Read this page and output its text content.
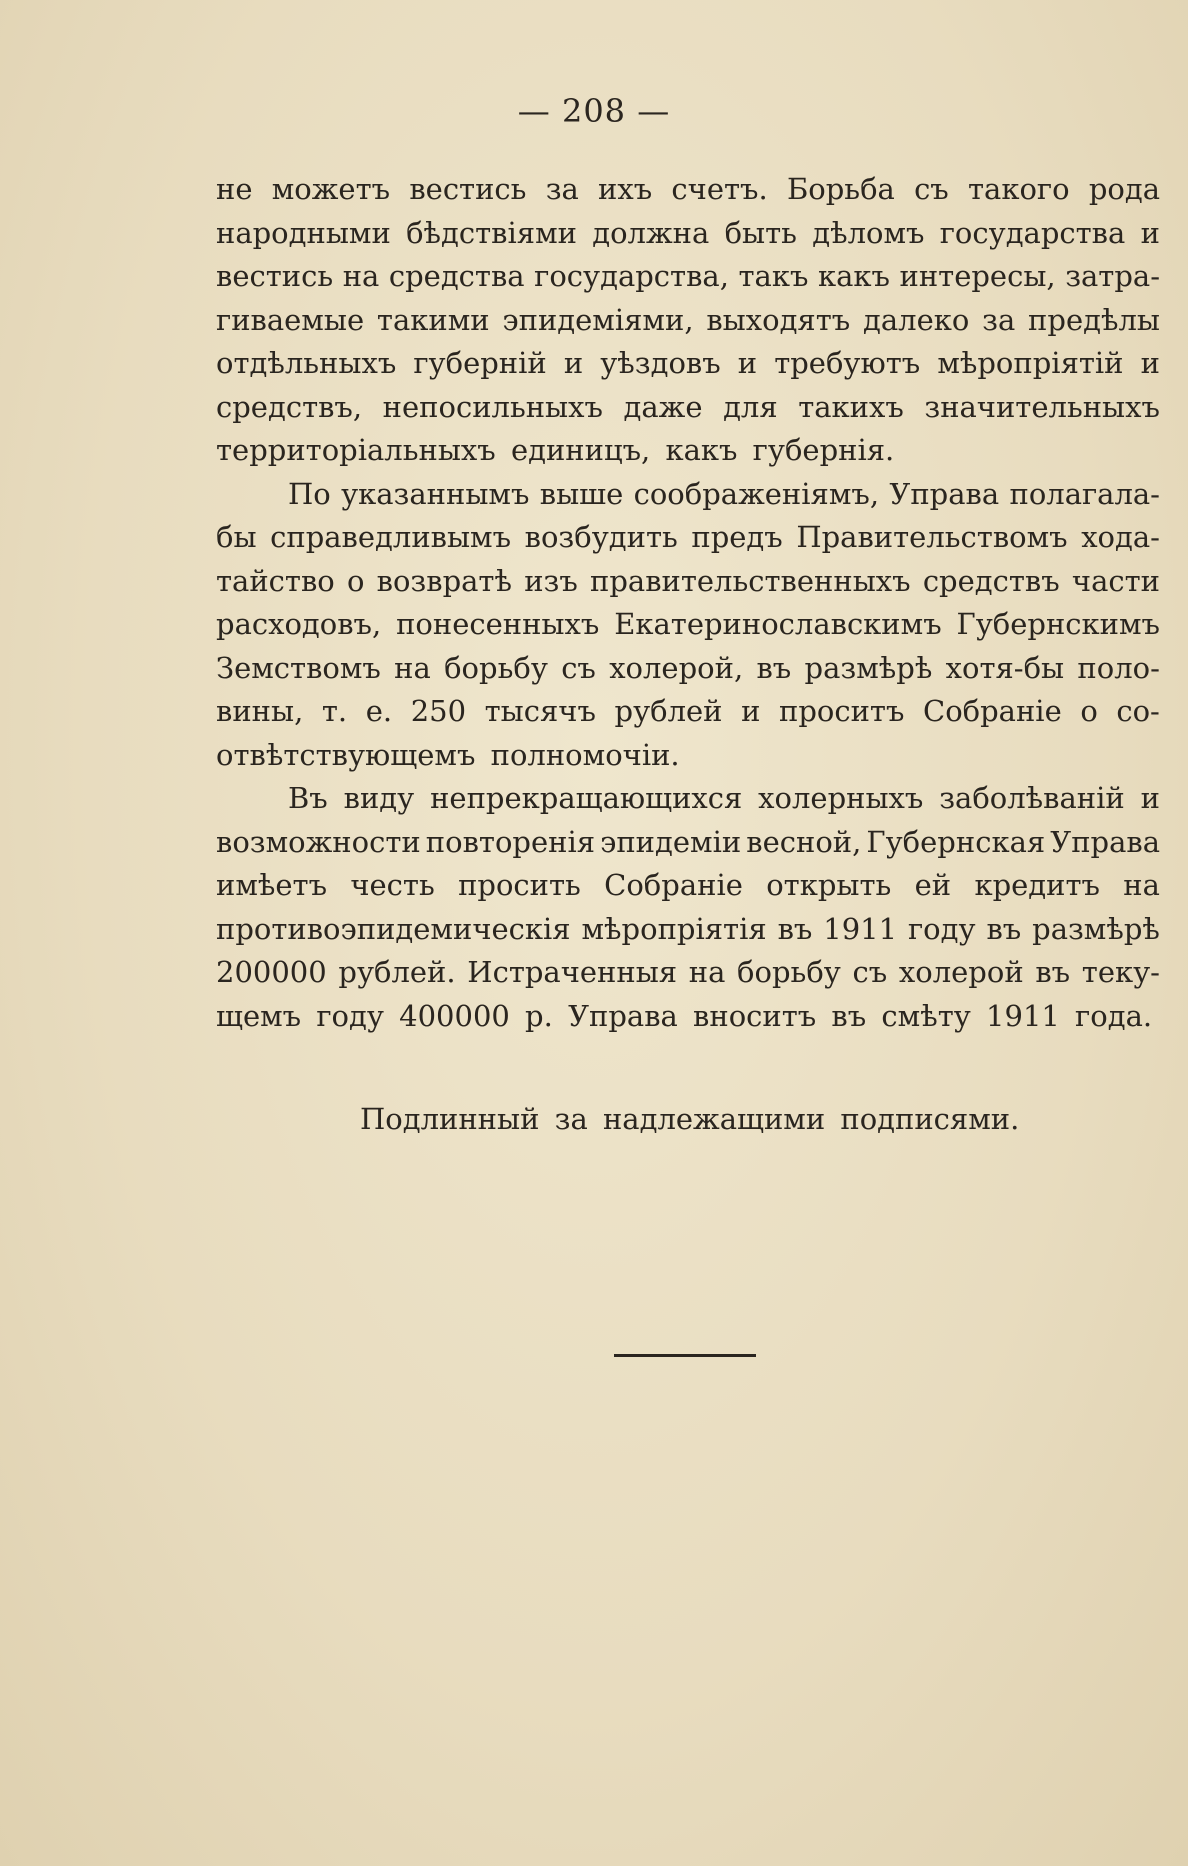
— 208 —
не можетъ вестись за ихъ счетъ. Борьба съ такого рода
народными бѣдствіями должна быть дѣломъ государства и
вестись на средства государства, такъ какъ интересы, затра-
гиваемые такими эпидеміями, выходятъ далеко за предѣлы
отдѣльныхъ губерній и уѣздовъ и требуютъ мѣропріятій и
средствъ, непосильныхъ даже для такихъ значительныхъ
территоріальныхъ единицъ, какъ губернія.
По указаннымъ выше соображеніямъ, Управа полагала-
бы справедливымъ возбудить предъ Правительствомъ хода-
тайство о возвратѣ изъ правительственныхъ средствъ части
расходовъ, понесенныхъ Екатеринославскимъ Губернскимъ
Земствомъ на борьбу съ холерой, въ размѣрѣ хотя-бы поло-
вины, т. е. 250 тысячъ рублей и проситъ Собраніе о со-
отвѣтствующемъ полномочіи.
Въ виду непрекращающихся холерныхъ заболѣваній и
возможности повторенія эпидеміи весной, Губернская Управа
имѣетъ честь просить Собраніе открыть ей кредитъ на
противоэпидемическія мѣропріятія въ 1911 году въ размѣрѣ
200000 рублей. Истраченныя на борьбу съ холерой въ теку-
щемъ году 400000 р. Управа вноситъ въ смѣту 1911 года.
Подлинный за надлежащими подписями.
